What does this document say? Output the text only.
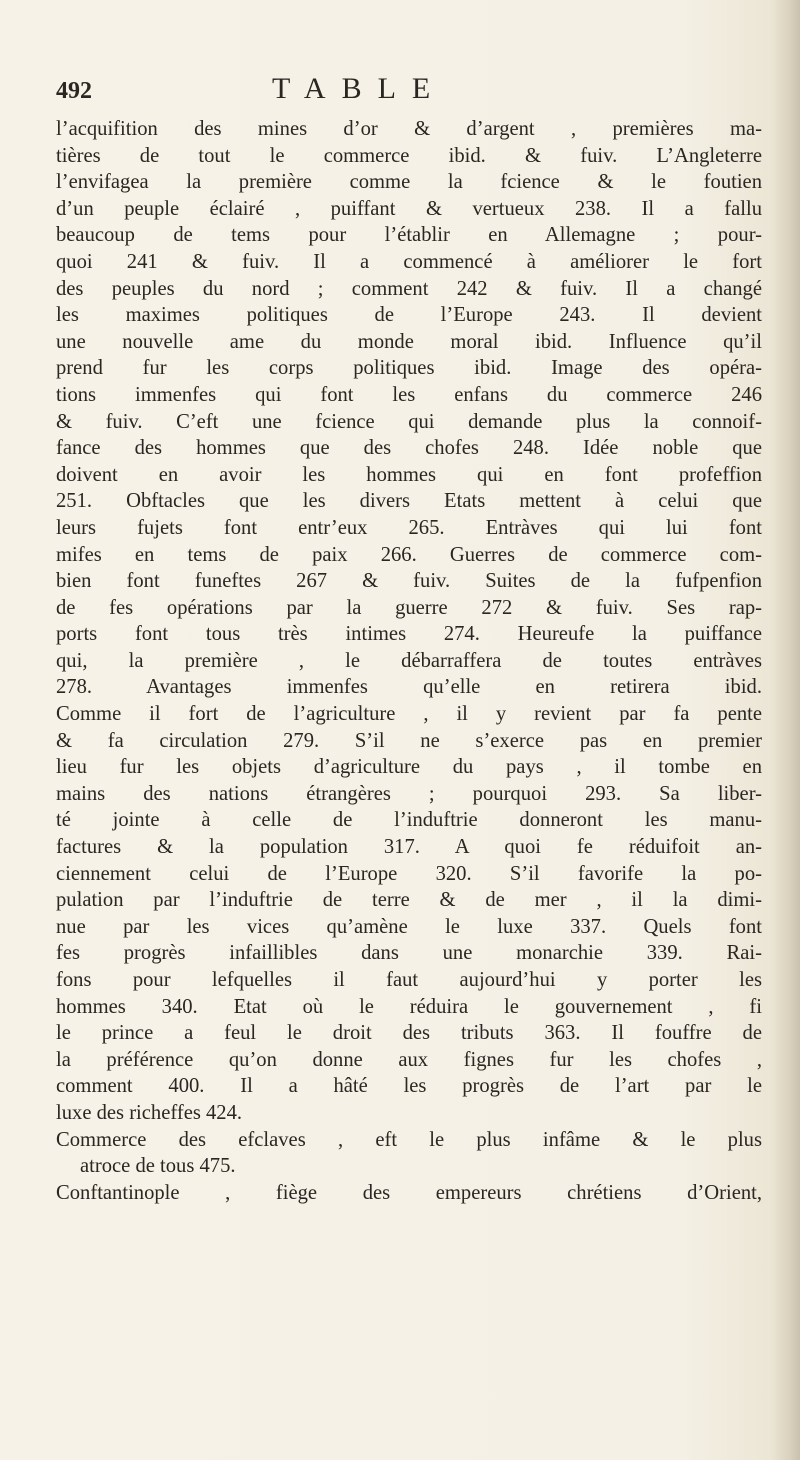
492	TABLE
l’acquifition des mines d’or & d’argent , premières ma-
tières de tout le commerce ibid. & fuiv. L’Angleterre
l’envifagea la première comme la fcience & le foutien
d’un peuple éclairé , puiffant & vertueux 238. Il a fallu
beaucoup de tems pour l’établir en Allemagne ; pour-
quoi 241 & fuiv. Il a commencé à améliorer le fort
des peuples du nord ; comment 242 & fuiv. Il a changé
les maximes politiques de l’Europe 243. Il devient
une nouvelle ame du monde moral ibid. Influence qu’il
prend fur les corps politiques ibid. Image des opéra-
tions immenfes qui font les enfans du commerce 246
& fuiv. C’eft une fcience qui demande plus la connoif-
fance des hommes que des chofes 248. Idée noble que
doivent en avoir les hommes qui en font profeffion
251. Obftacles que les divers Etats mettent à celui que
leurs fujets font entr’eux 265. Entràves qui lui font
mifes en tems de paix 266. Guerres de commerce com-
bien font funeftes 267 & fuiv. Suites de la fufpenfion
de fes opérations par la guerre 272 & fuiv. Ses rap-
ports font tous très intimes 274. Heureufe la puiffance
qui, la première , le débarraffera de toutes entràves
278. Avantages immenfes qu’elle en retirera ibid.
Comme il fort de l’agriculture , il y revient par fa pente
& fa circulation 279. S’il ne s’exerce pas en premier
lieu fur les objets d’agriculture du pays , il tombe en
mains des nations étrangères ; pourquoi 293. Sa liber-
té jointe à celle de l’induftrie donneront les manu-
factures & la population 317. A quoi fe réduifoit an-
ciennement celui de l’Europe 320. S’il favorife la po-
pulation par l’induftrie de terre & de mer , il la dimi-
nue par les vices qu’amène le luxe 337. Quels font
fes progrès infaillibles dans une monarchie 339. Rai-
fons pour lefquelles il faut aujourd’hui y porter les
hommes 340. Etat où le réduira le gouvernement , fi
le prince a feul le droit des tributs 363. Il fouffre de
la préférence qu’on donne aux fignes fur les chofes ,
comment 400. Il a hâté les progrès de l’art par le
luxe des richeffes 424.
Commerce des efclaves , eft le plus infâme & le plus
atroce de tous 475.
Conftantinople , fiège des empereurs chrétiens d’Orient,
